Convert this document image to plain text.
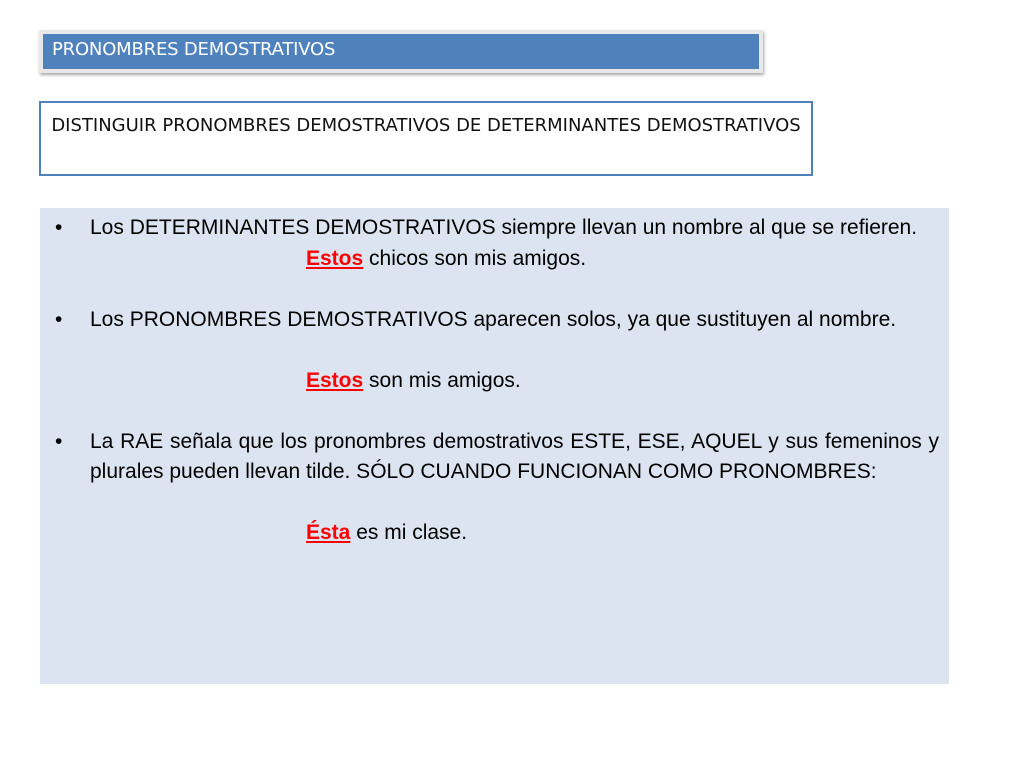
PRONOMBRES DEMOSTRATIVOS
DISTINGUIR PRONOMBRES DEMOSTRATIVOS DE DETERMINANTES DEMOSTRATIVOS
• Los DETERMINANTES DEMOSTRATIVOS siempre llevan un nombre al que se refieren.
Estos chicos son mis amigos.
• Los PRONOMBRES DEMOSTRATIVOS aparecen solos, ya que sustituyen al nombre.
Estos son mis amigos.
• La RAE señala que los pronombres demostrativos ESTE, ESE, AQUEL y sus femeninos y plurales pueden llevan tilde. SÓLO CUANDO FUNCIONAN COMO PRONOMBRES:
Ésta es mi clase.
